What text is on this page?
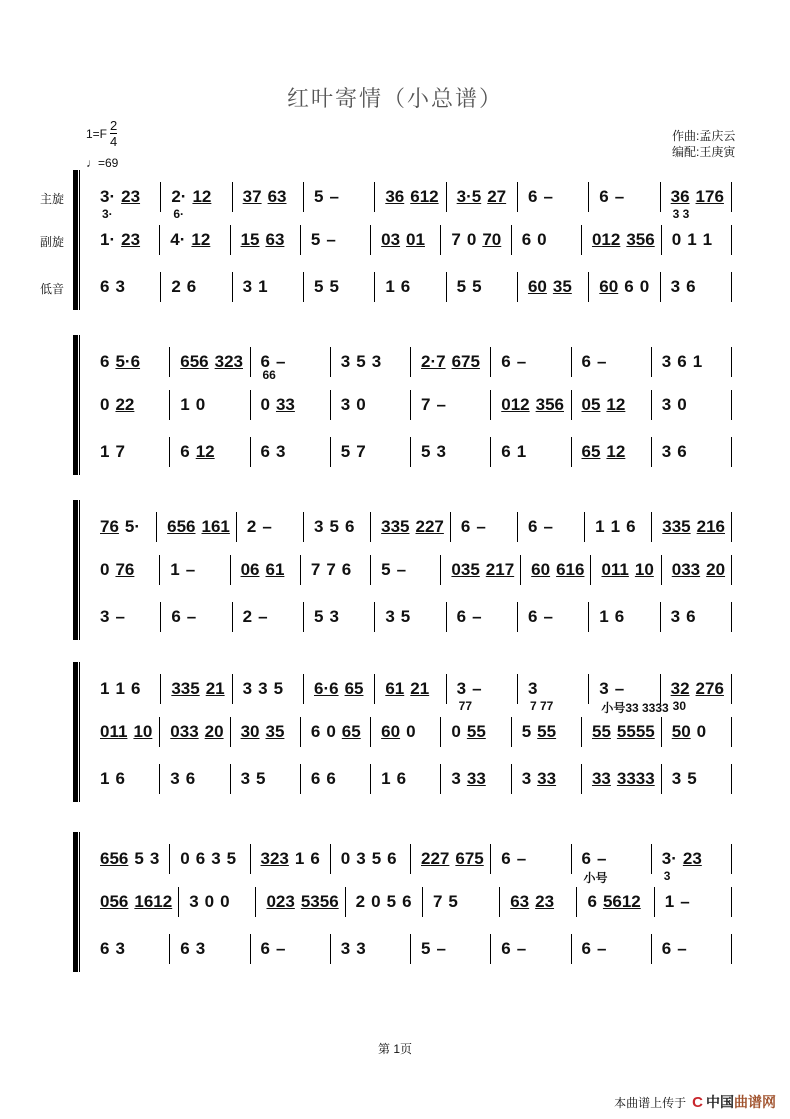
红叶寄情（小总谱）
$1=F \frac{2}{4}$
♩=69
作曲:孟庆云
编配:王庚寅
主旋	3· 23	2· 12	37 63	5 –	36 612	3·5 27	6 –	6 –	36 176
副旋	1· 23	4· 12	15 63	5 –	03 01	7 0 70	6 0	012 356	0 1 1
低音	6 3	2 6	3 1	5 5	1 6	5 5	60 35	60 6 0	3 6
3·	6·	3 3
6 5·6	656 323	6 –	3 5 3	2·7 675	6 –	6 –	3 6 1
0 22	1 0	0 33	3 0	7 –	012 356	05 12	3 0
1 7	6 12	6 3	5 7	5 3	6 1	65 12	3 6
66
76 5·	656 161	2 –	3 5 6	335 227	6 –	6 –	1 1 6	335 216
0 76	1 –	06 61	7 7 6	5 –	035 217	60 616	011 10	033 20
3 –	6 –	2 –	5 3	3 5	6 –	6 –	1 6	3 6
1 1 6	335 21	3 3 5	6·6 65	61 21	3 –	3	3 –	32 276
011 10	033 20	30 35	6 0 65	60 0	0 55	5 55	55 5555	50 0
1 6	3 6	3 5	6 6	1 6	3 33	3 33	33 3333	3 5
77	7 77	小号33 3333 30
656 5 3	0 6 3 5	323 1 6	0 3 5 6	227 675	6 –	6 –	3· 23
056 1612	3 0 0	023 5356	2 0 5 6	7 5	63 23	6 5612	1 –
6 3	6 3	6 –	3 3	5 –	6 –	6 –	6 –
小号	3
第 1页
本曲谱上传于 C 中国曲谱网
